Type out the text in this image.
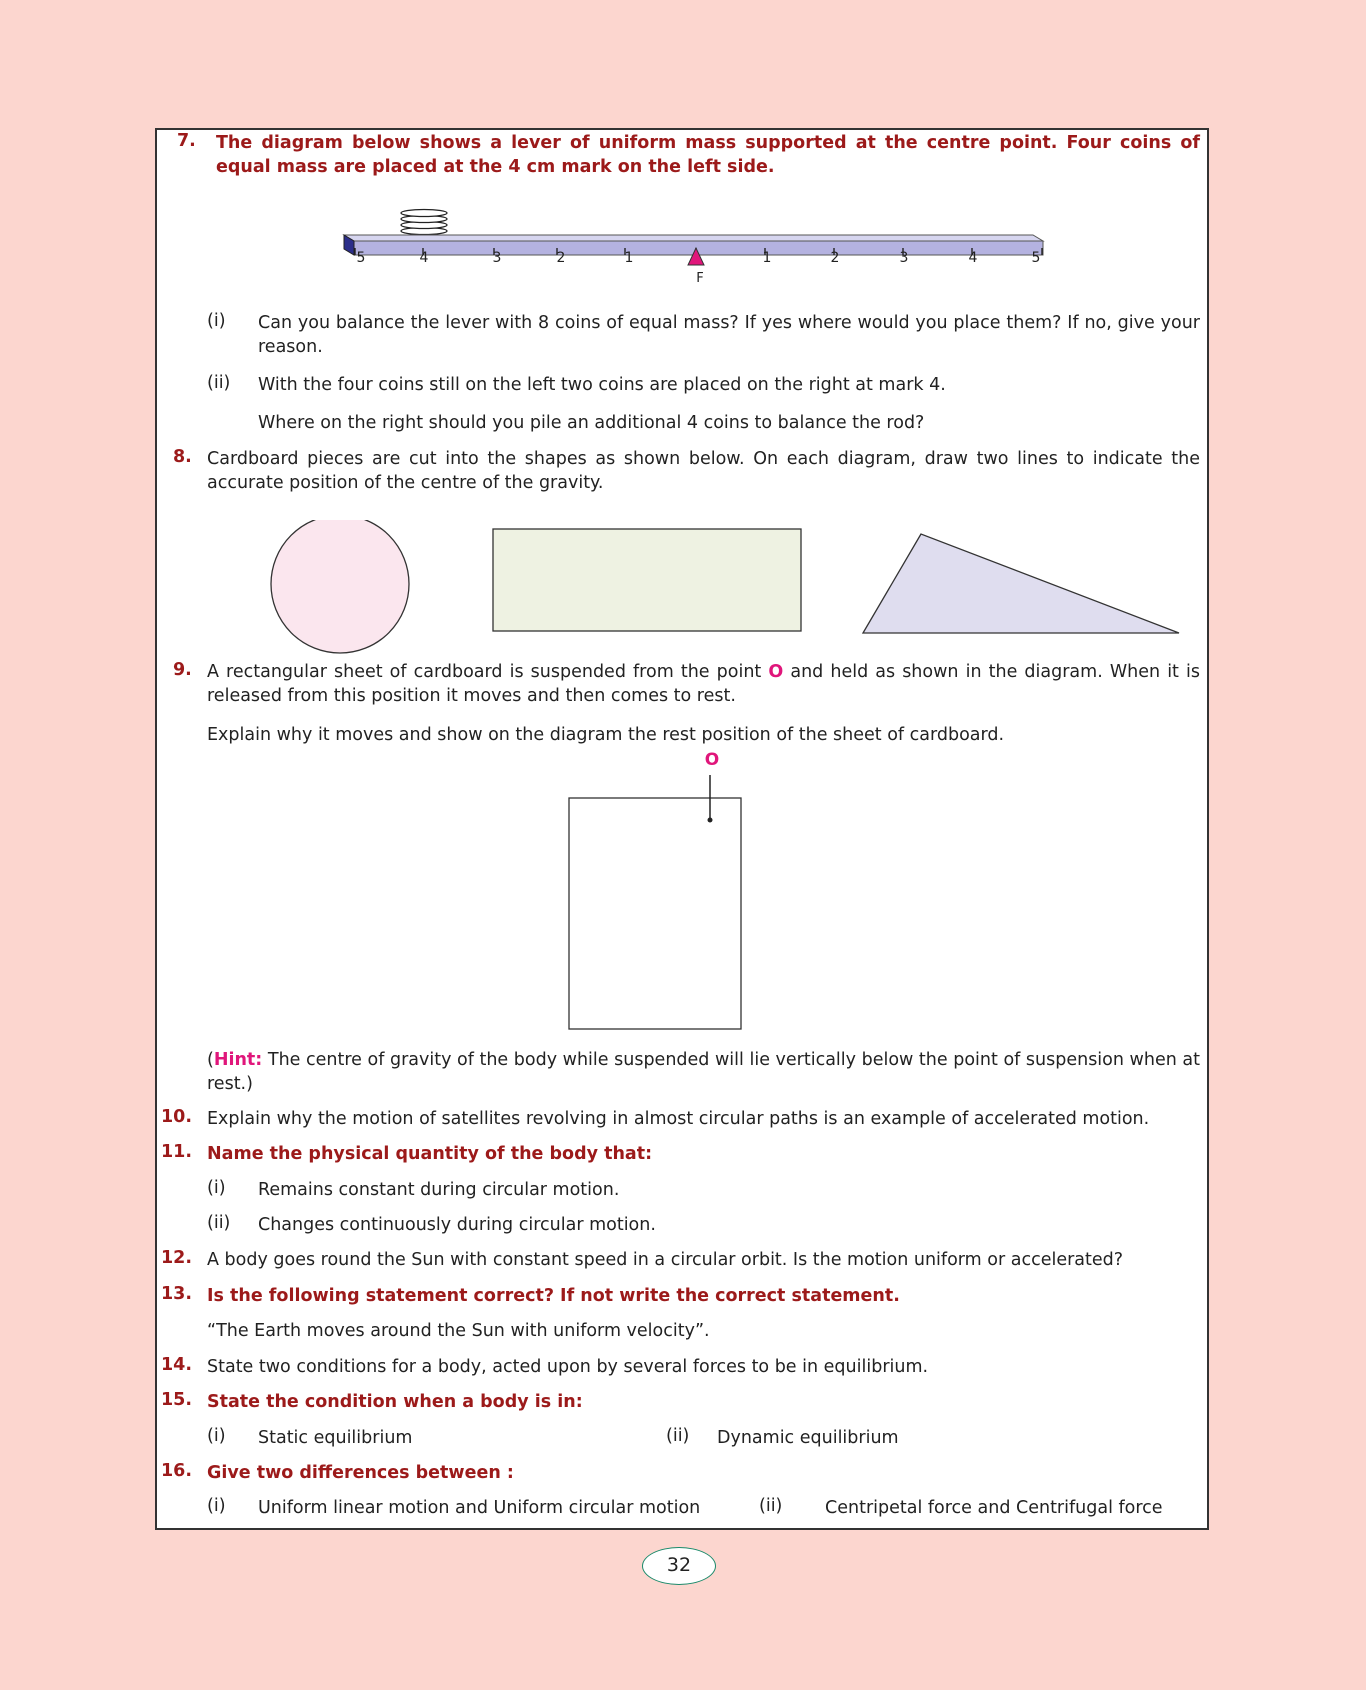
7. The diagram below shows a lever of uniform mass supported at the centre point. Four coins of equal mass are placed at the 4 cm mark on the left side.
5	4	3	2	1	1	2	3	4	5
F
(i) Can you balance the lever with 8 coins of equal mass? If yes where would you place them? If no, give your reason.
(ii) With the four coins still on the left two coins are placed on the right at mark 4.
Where on the right should you pile an additional 4 coins to balance the rod?
8. Cardboard pieces are cut into the shapes as shown below. On each diagram, draw two lines to indicate the accurate position of the centre of the gravity.
9. A rectangular sheet of cardboard is suspended from the point O and held as shown in the diagram. When it is released from this position it moves and then comes to rest.
Explain why it moves and show on the diagram the rest position of the sheet of cardboard.
O
(Hint: The centre of gravity of the body while suspended will lie vertically below the point of suspension when at rest.)
10. Explain why the motion of satellites revolving in almost circular paths is an example of accelerated motion.
11. Name the physical quantity of the body that:
(i) Remains constant during circular motion.
(ii) Changes continuously during circular motion.
12. A body goes round the Sun with constant speed in a circular orbit. Is the motion uniform or accelerated?
13. Is the following statement correct? If not write the correct statement.
“The Earth moves around the Sun with uniform velocity”.
14. State two conditions for a body, acted upon by several forces to be in equilibrium.
15. State the condition when a body is in:
(i) Static equilibrium	(ii) Dynamic equilibrium
16. Give two differences between :
(i) Uniform linear motion and Uniform circular motion	(ii) Centripetal force and Centrifugal force
32
